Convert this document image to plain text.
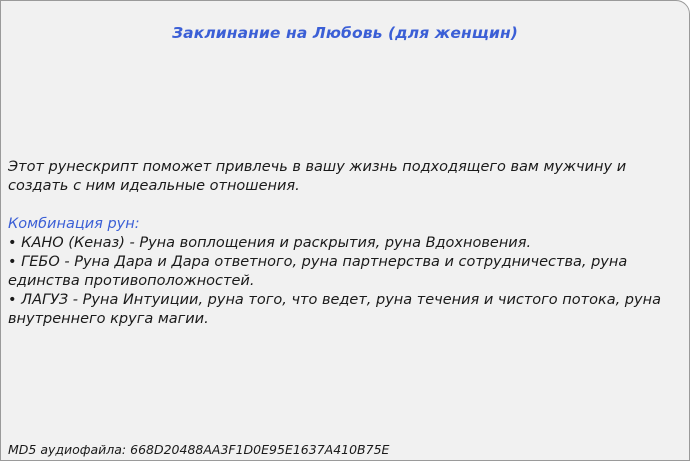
Заклинание на Любовь (для женщин)
Этот рунескрипт поможет привлечь в вашу жизнь подходящего вам мужчину и создать с ним идеальные отношения.
Комбинация рун:
• КАНО (Кеназ) - Руна воплощения и раскрытия, руна Вдохновения.
• ГЕБО - Руна Дара и Дара ответного, руна партнерства и сотрудничества, руна единства противоположностей.
• ЛАГУЗ - Руна Интуиции, руна того, что ведет, руна течения и чистого потока, руна внутреннего круга магии.
MD5 аудиофайла: 668D20488AA3F1D0E95E1637A410B75E
